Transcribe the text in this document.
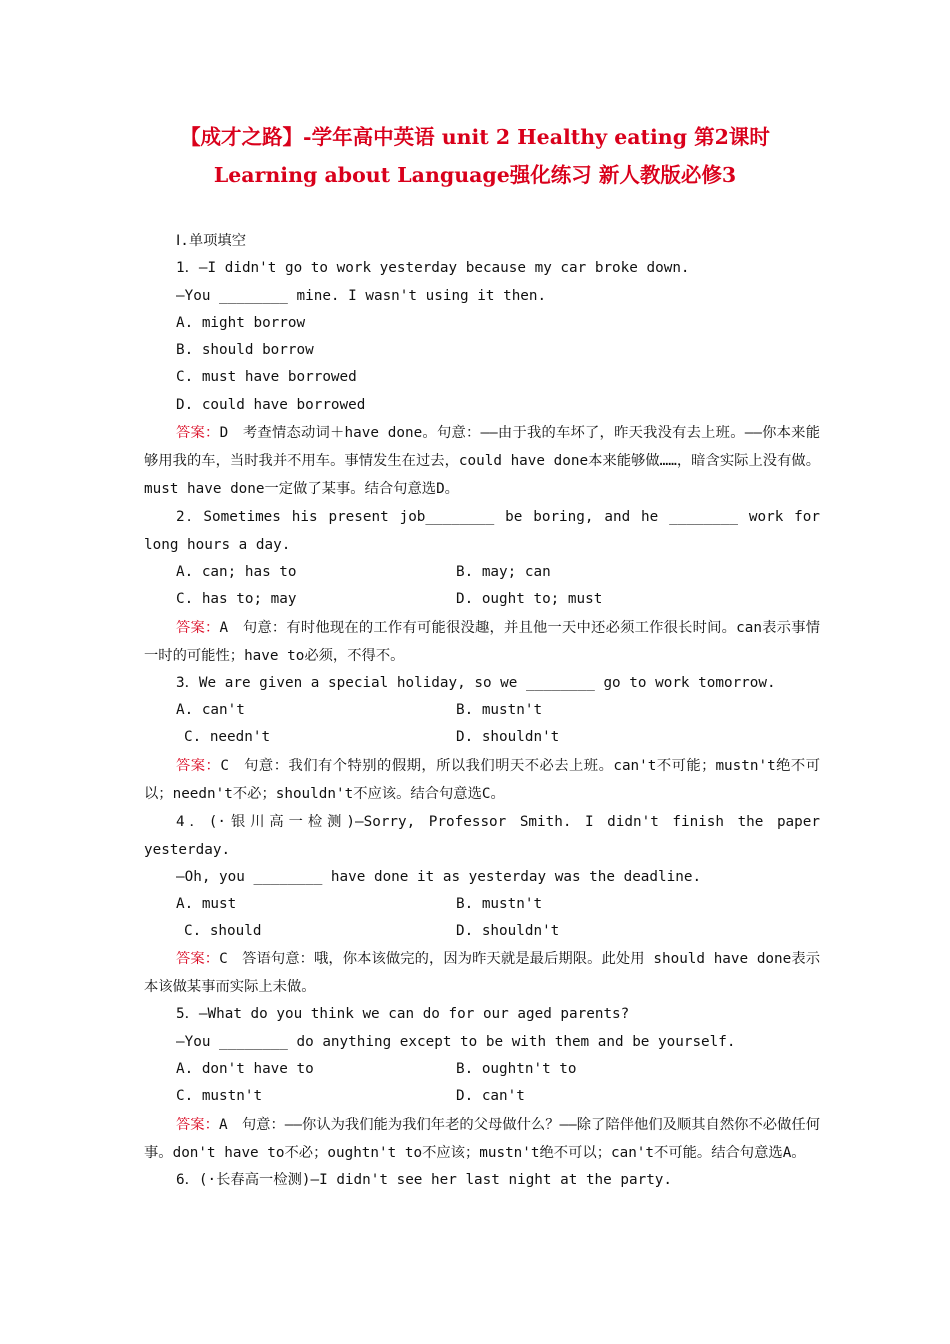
【成才之路】-学年高中英语 unit 2 Healthy eating 第2课时
Learning about Language强化练习 新人教版必修3
Ⅰ.单项填空
1．—I didn't go to work yesterday because my car broke down.
—You ________ mine. I wasn't using it then.
A. might borrow
B. should borrow
C. must have borrowed
D. could have borrowed

答案：D　考查情态动词＋have done。句意：——由于我的车坏了，昨天我没有去上班。——你本来能够用我的车，当时我并不用车。事情发生在过去，could have done本来能够做……，暗含实际上没有做。must have done一定做了某事。结合句意选D。

2．Sometimes his present job________ be boring, and he ________ work for long hours a day.

A. can; has to	B. may; can
C. has to; may	D. ought to; must

答案：A　句意：有时他现在的工作有可能很没趣，并且他一天中还必须工作很长时间。can表示事情一时的可能性；have to必须，不得不。

3．We are given a special holiday, so we ________ go to work tomorrow.
A. can't	B. mustn't
C. needn't	D. shouldn't

答案：C　句意：我们有个特别的假期，所以我们明天不必去上班。can't不可能；mustn't绝不可以；needn't不必；shouldn't不应该。结合句意选C。

4．(·银川高一检测)—Sorry, Professor Smith. I didn't finish the paper yesterday.

—Oh, you ________ have done it as yesterday was the deadline.
A. must	B. mustn't
C. should	D. shouldn't

答案：C　答语句意：哦，你本该做完的，因为昨天就是最后期限。此处用 should have done表示本该做某事而实际上未做。

5．—What do you think we can do for our aged parents?
—You ________ do anything except to be with them and be yourself.
A. don't have to	B. oughtn't to
C. mustn't	D. can't

答案：A　句意：——你认为我们能为我们年老的父母做什么？——除了陪伴他们及顺其自然你不必做任何事。don't have to不必；oughtn't to不应该；mustn't绝不可以；can't不可能。结合句意选A。

6．(·长春高一检测)—I didn't see her last night at the party.
